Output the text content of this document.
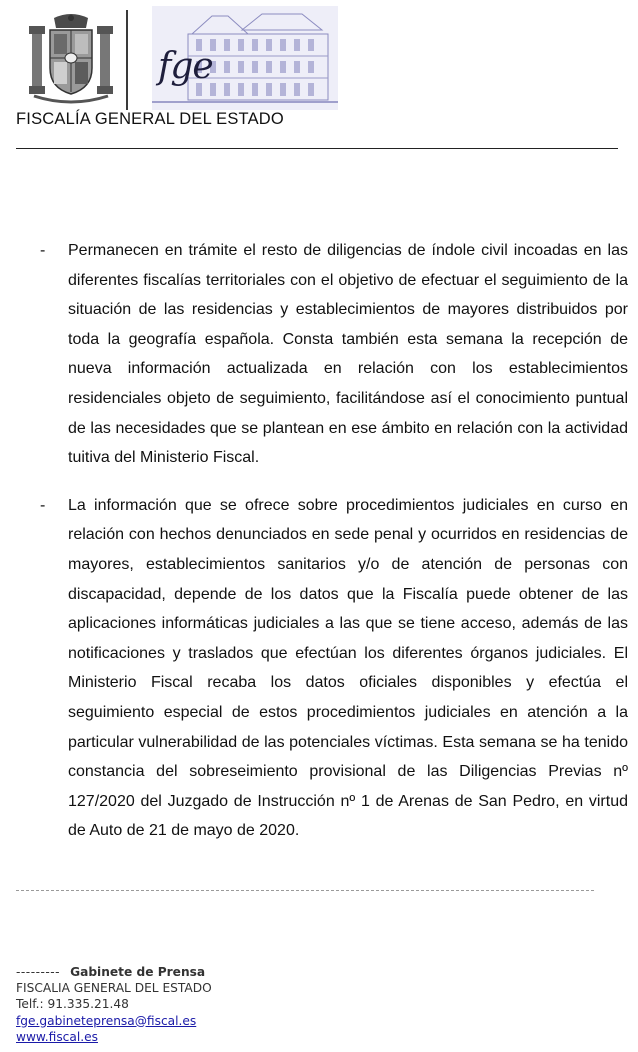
fge
FISCALÍA GENERAL DEL ESTADO
- Permanecen en trámite el resto de diligencias de índole civil incoadas en las diferentes fiscalías territoriales con el objetivo de efectuar el seguimiento de la situación de las residencias y establecimientos de mayores distribuidos por toda la geografía española. Consta también esta semana la recepción de nueva información actualizada en relación con los establecimientos residenciales objeto de seguimiento, facilitándose así el conocimiento puntual de las necesidades que se plantean en ese ámbito en relación con la actividad tuitiva del Ministerio Fiscal.

- La información que se ofrece sobre procedimientos judiciales en curso en relación con hechos denunciados en sede penal y ocurridos en residencias de mayores, establecimientos sanitarios y/o de atención de personas con discapacidad, depende de los datos que la Fiscalía puede obtener de las aplicaciones informáticas judiciales a las que se tiene acceso, además de las notificaciones y traslados que efectúan los diferentes órganos judiciales. El Ministerio Fiscal recaba los datos oficiales disponibles y efectúa el seguimiento especial de estos procedimientos judiciales en atención a la particular vulnerabilidad de las potenciales víctimas. Esta semana se ha tenido constancia del sobreseimiento provisional de las Diligencias Previas nº 127/2020 del Juzgado de Instrucción nº 1 de Arenas de San Pedro, en virtud de Auto de 21 de mayo de 2020.

--------- Gabinete de Prensa
FISCALIA GENERAL DEL ESTADO
Telf.: 91.335.21.48
fge.gabineteprensa@fiscal.es
www.fiscal.es
